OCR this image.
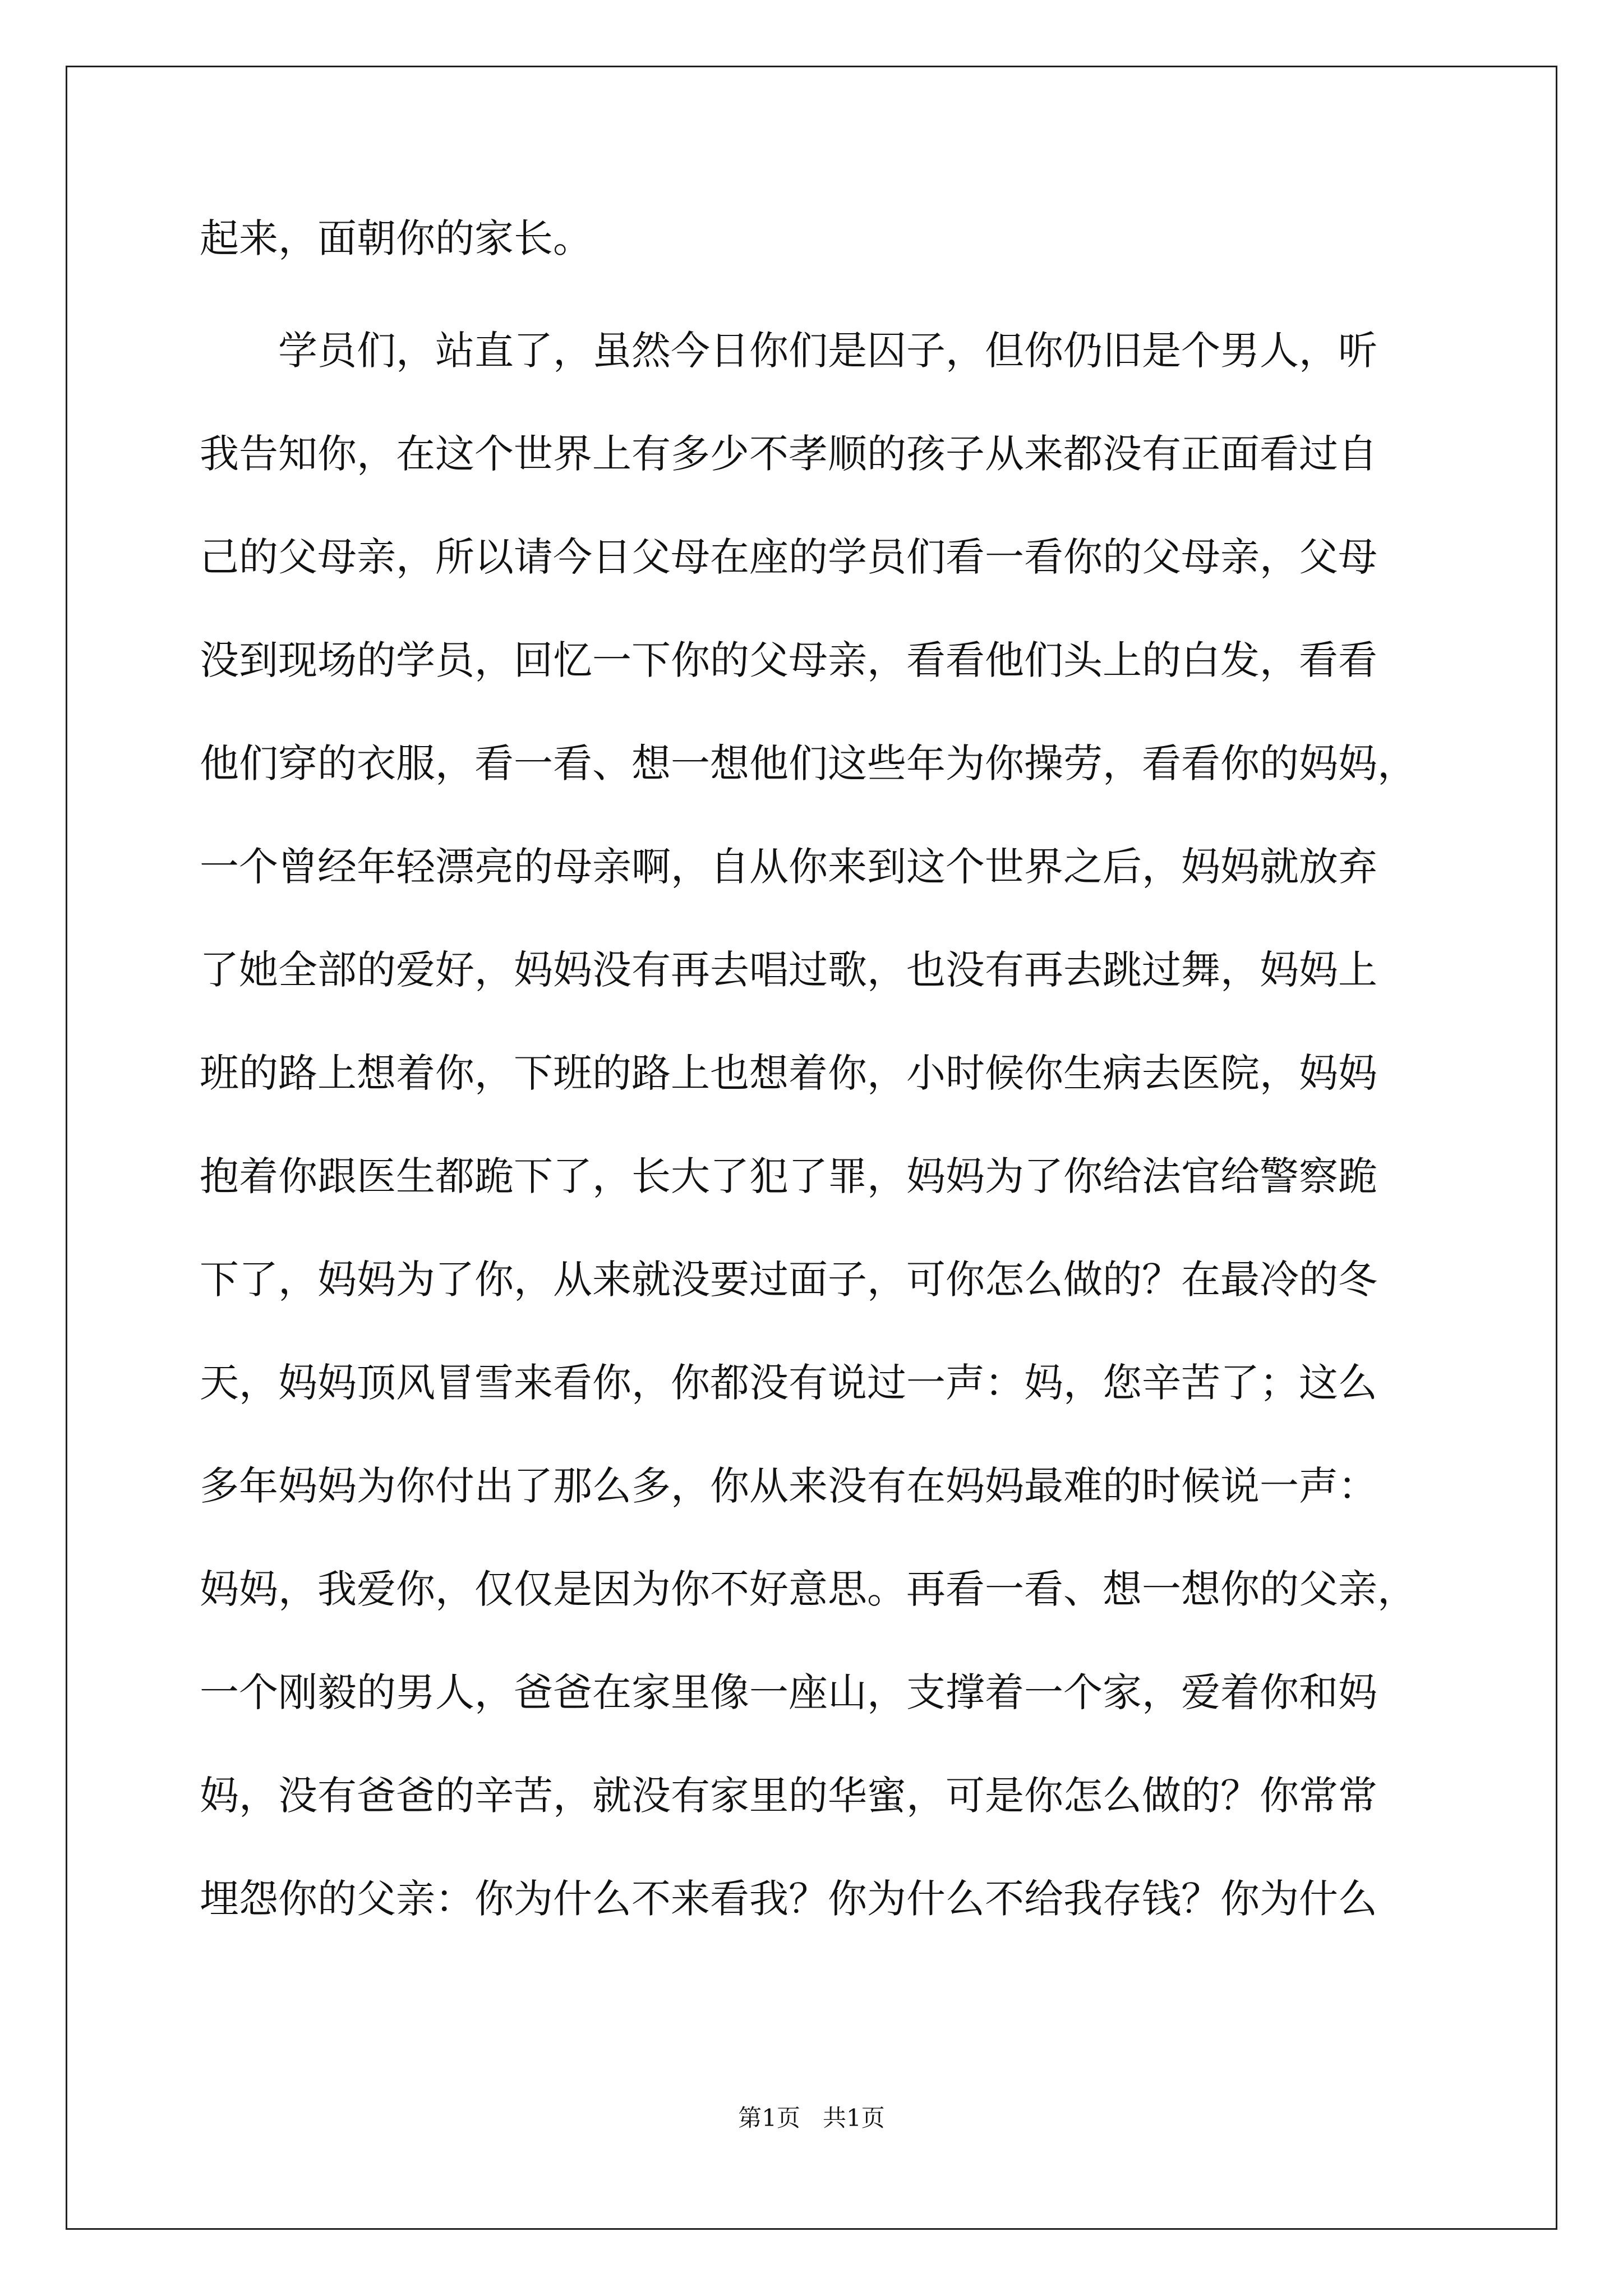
起来，面朝你的家长。
学员们，站直了，虽然今日你们是囚子，但你仍旧是个男人，听
我告知你，在这个世界上有多少不孝顺的孩子从来都没有正面看过自
己的父母亲，所以请今日父母在座的学员们看一看你的父母亲，父母
没到现场的学员，回忆一下你的父母亲，看看他们头上的白发，看看
他们穿的衣服，看一看、想一想他们这些年为你操劳，看看你的妈妈，
一个曾经年轻漂亮的母亲啊，自从你来到这个世界之后，妈妈就放弃
了她全部的爱好，妈妈没有再去唱过歌，也没有再去跳过舞，妈妈上
班的路上想着你，下班的路上也想着你，小时候你生病去医院，妈妈
抱着你跟医生都跪下了，长大了犯了罪，妈妈为了你给法官给警察跪
下了，妈妈为了你，从来就没要过面子，可你怎么做的？在最冷的冬
天，妈妈顶风冒雪来看你，你都没有说过一声：妈，您辛苦了；这么
多年妈妈为你付出了那么多，你从来没有在妈妈最难的时候说一声：
妈妈，我爱你，仅仅是因为你不好意思。再看一看、想一想你的父亲，
一个刚毅的男人，爸爸在家里像一座山，支撑着一个家，爱着你和妈
妈，没有爸爸的辛苦，就没有家里的华蜜，可是你怎么做的？你常常
埋怨你的父亲：你为什么不来看我？你为什么不给我存钱？你为什么
第1页   共1页
